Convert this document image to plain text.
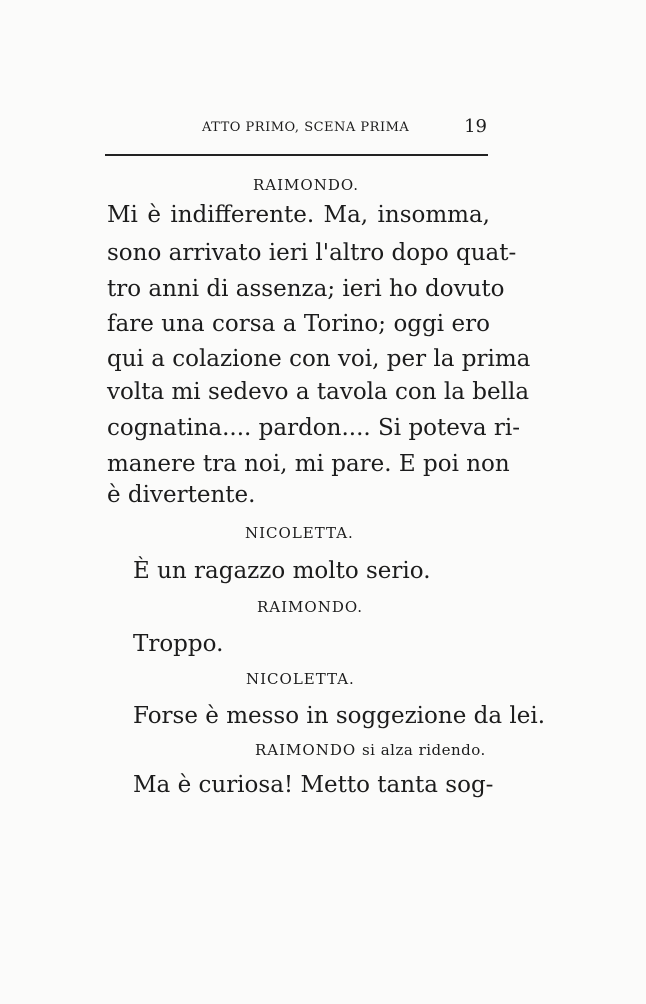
ATTO PRIMO, SCENA PRIMA	19
RAIMONDO.
Mi è indifferente. Ma, insomma,
sono arrivato ieri l'altro dopo quat-
tro anni di assenza; ieri ho dovuto
fare una corsa a Torino; oggi ero
qui a colazione con voi, per la prima
volta mi sedevo a tavola con la bella
cognatina.... pardon.... Si poteva ri-
manere tra noi, mi pare. E poi non
è divertente.
NICOLETTA.
È un ragazzo molto serio.
RAIMONDO.
Troppo.
NICOLETTA.
Forse è messo in soggezione da lei.
RAIMONDO si alza ridendo.
Ma è curiosa! Metto tanta sog-
